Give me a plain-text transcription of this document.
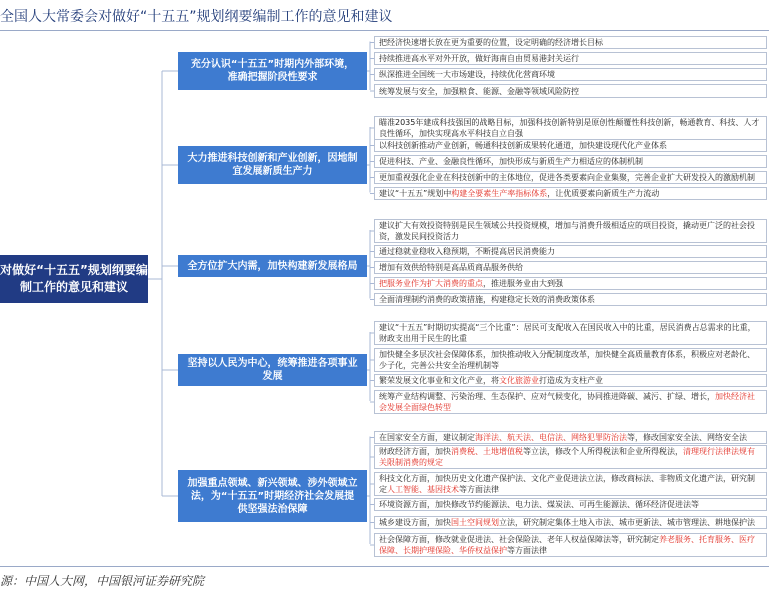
全国人大常委会对做好“十五五”规划纲要编制工作的意见和建议
对做好“十五五”规划纲要编制工作的意见和建议
充分认识“十五五”时期内外部环境，准确把握阶段性要求
把经济快速增长放在更为重要的位置，设定明确的经济增长目标
持续推进高水平对外开放，做好海南自由贸易港封关运行
纵深推进全国统一大市场建设，持续优化营商环境
统筹发展与安全，加强粮食、能源、金融等领域风险防控
大力推进科技创新和产业创新，因地制宜发展新质生产力
瞄准2035年建成科技强国的战略目标，加强科技创新特别是原创性颠覆性科技创新，畅通教育、科技、人才良性循环，加快实现高水平科技自立自强
以科技创新推动产业创新，畅通科技创新成果转化通道，加快建设现代化产业体系
促进科技、产业、金融良性循环，加快形成与新质生产力相适应的体制机制
更加重视强化企业在科技创新中的主体地位，促进各类要素向企业集聚，完善企业扩大研发投入的激励机制
建议“十五五”规划中构建全要素生产率指标体系，让优质要素向新质生产力流动
全方位扩大内需，加快构建新发展格局
建议扩大有效投资特别是民生领域公共投资规模，增加与消费升级相适应的项目投资，撬动更广泛的社会投资，激发民间投资活力
通过稳就业稳收入稳预期，不断提高居民消费能力
增加有效供给特别是高品质商品服务供给
把服务业作为扩大消费的重点，推进服务业由大到强
全面清理制约消费的政策措施，构建稳定长效的消费政策体系
坚持以人民为中心，统筹推进各项事业发展
建议“十五五”时期切实提高“三个比重”：居民可支配收入在国民收入中的比重，居民消费占总需求的比重，财政支出用于民生的比重
加快健全多层次社会保障体系，加快推动收入分配制度改革，加快健全高质量教育体系，积极应对老龄化、少子化，完善公共安全治理机制等
繁荣发展文化事业和文化产业，将文化旅游业打造成为支柱产业
统筹产业结构调整、污染治理、生态保护、应对气候变化，协同推进降碳、减污、扩绿、增长，加快经济社会发展全面绿色转型
加强重点领域、新兴领域、涉外领域立法，为“十五五”时期经济社会发展提供坚强法治保障
在国家安全方面，建议制定海洋法、航天法、电信法、网络犯罪防治法等，修改国家安全法、网络安全法
财政经济方面，加快消费税、土地增值税等立法，修改个人所得税法和企业所得税法，清理现行法律法规有关限制消费的规定
科技文化方面，加快历史文化遗产保护法、文化产业促进法立法，修改商标法、非物质文化遗产法，研究制定人工智能、基因技术等方面法律
环境资源方面，加快修改节约能源法、电力法、煤炭法、可再生能源法、循环经济促进法等
城乡建设方面，加快国土空间规划立法，研究制定集体土地入市法、城市更新法、城市管理法、耕地保护法
社会保障方面，修改就业促进法、社会保险法、老年人权益保障法等，研究制定养老服务、托育服务、医疗保障、长期护理保险、华侨权益保护等方面法律
源：中国人大网，中国银河证券研究院
